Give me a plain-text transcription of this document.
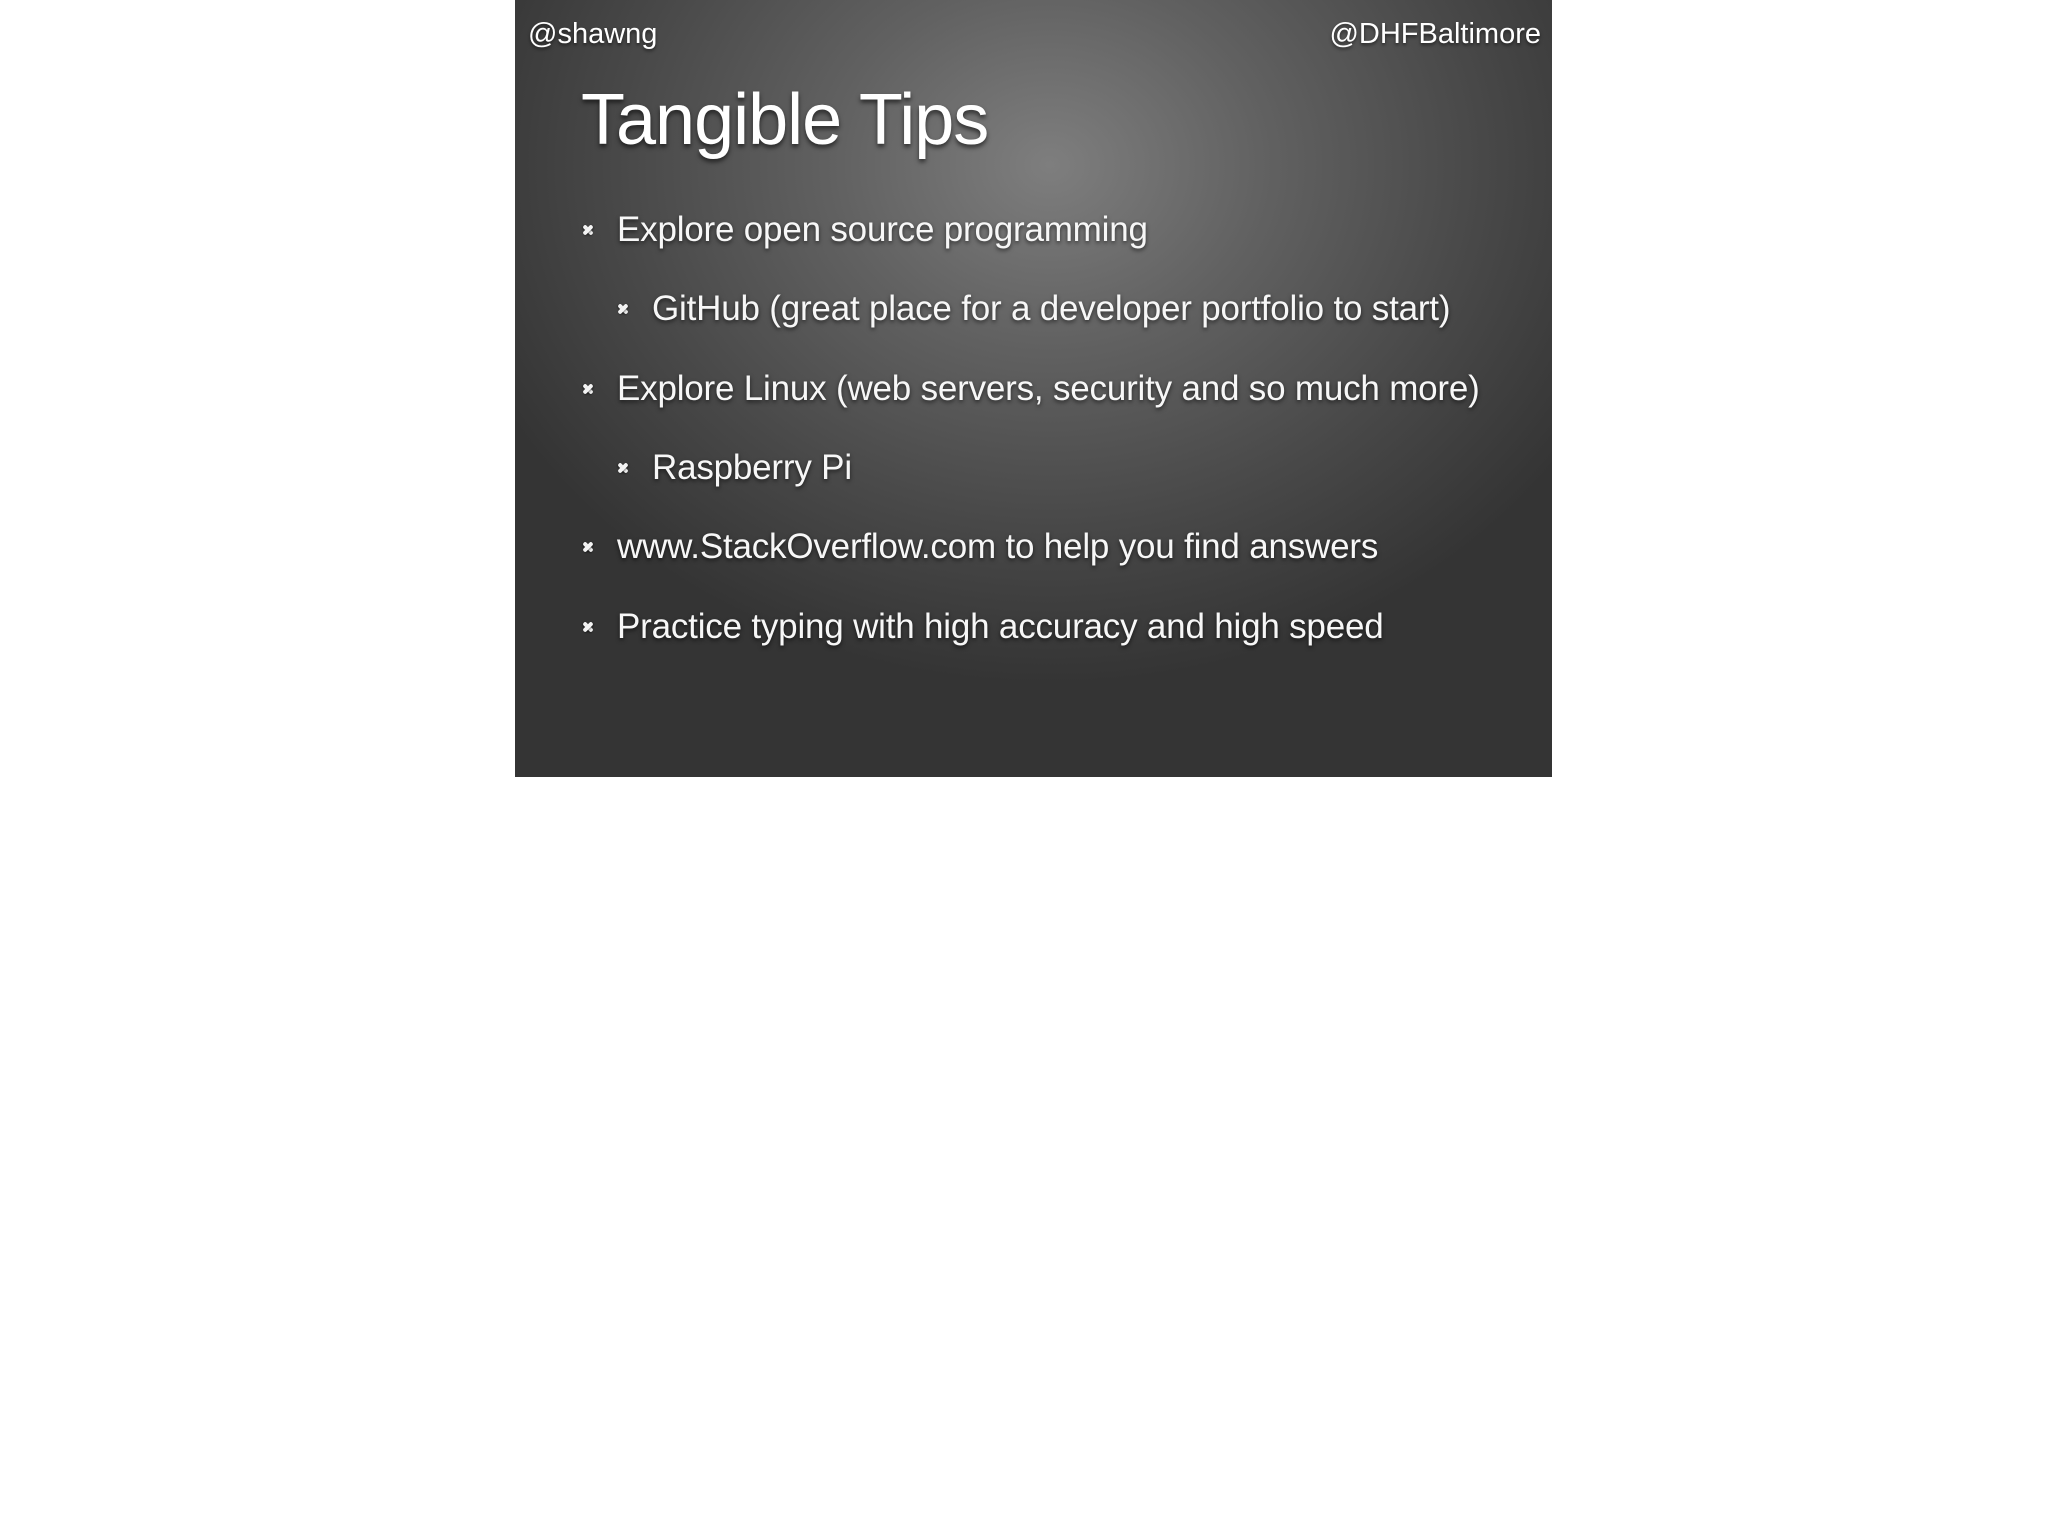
@shawng	@DHFBaltimore
Tangible Tips
Explore open source programming
GitHub (great place for a developer portfolio to start)
Explore Linux (web servers, security and so much more)
Raspberry Pi
www.StackOverflow.com to help you find answers
Practice typing with high accuracy and high speed
